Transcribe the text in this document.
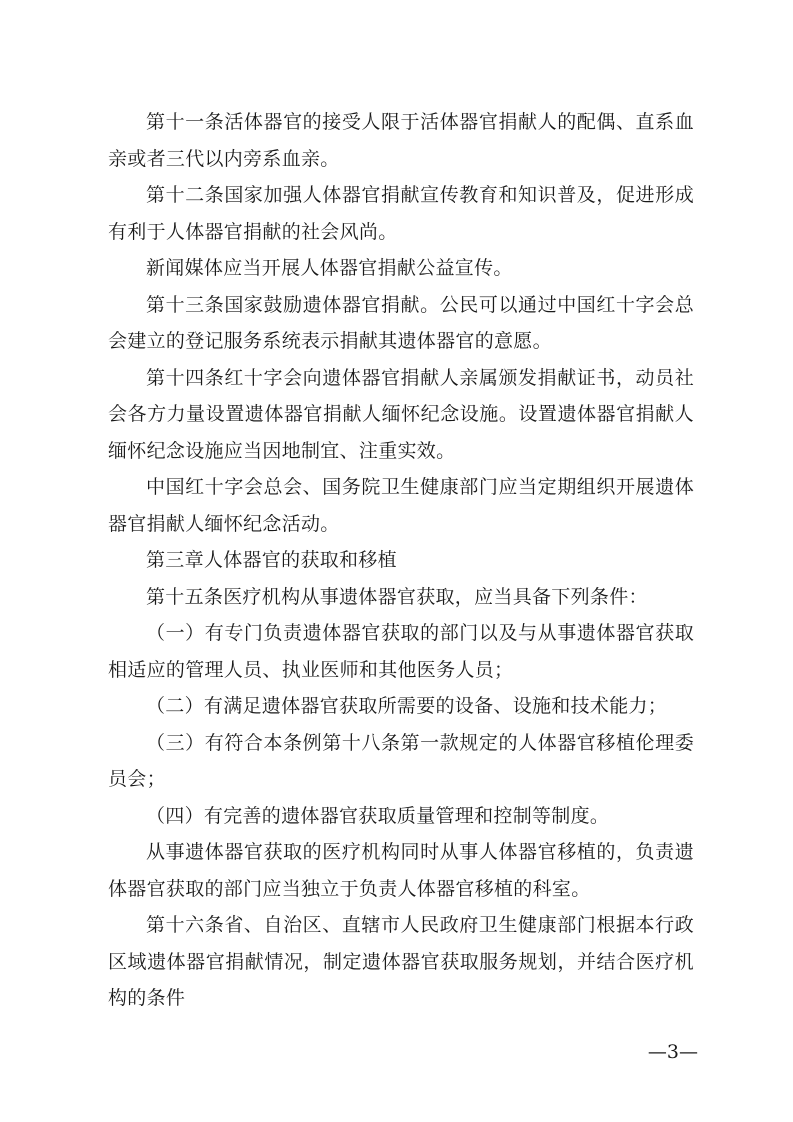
第十一条活体器官的接受人限于活体器官捐献人的配偶、直系血亲或者三代以内旁系血亲。

第十二条国家加强人体器官捐献宣传教育和知识普及，促进形成有利于人体器官捐献的社会风尚。

新闻媒体应当开展人体器官捐献公益宣传。

第十三条国家鼓励遗体器官捐献。公民可以通过中国红十字会总会建立的登记服务系统表示捐献其遗体器官的意愿。

第十四条红十字会向遗体器官捐献人亲属颁发捐献证书，动员社会各方力量设置遗体器官捐献人缅怀纪念设施。设置遗体器官捐献人缅怀纪念设施应当因地制宜、注重实效。

中国红十字会总会、国务院卫生健康部门应当定期组织开展遗体器官捐献人缅怀纪念活动。

第三章人体器官的获取和移植

第十五条医疗机构从事遗体器官获取，应当具备下列条件：

（一）有专门负责遗体器官获取的部门以及与从事遗体器官获取相适应的管理人员、执业医师和其他医务人员；

（二）有满足遗体器官获取所需要的设备、设施和技术能力；

（三）有符合本条例第十八条第一款规定的人体器官移植伦理委员会；

（四）有完善的遗体器官获取质量管理和控制等制度。

从事遗体器官获取的医疗机构同时从事人体器官移植的，负责遗体器官获取的部门应当独立于负责人体器官移植的科室。

第十六条省、自治区、直辖市人民政府卫生健康部门根据本行政区域遗体器官捐献情况，制定遗体器官获取服务规划，并结合医疗机构的条件

—3—
